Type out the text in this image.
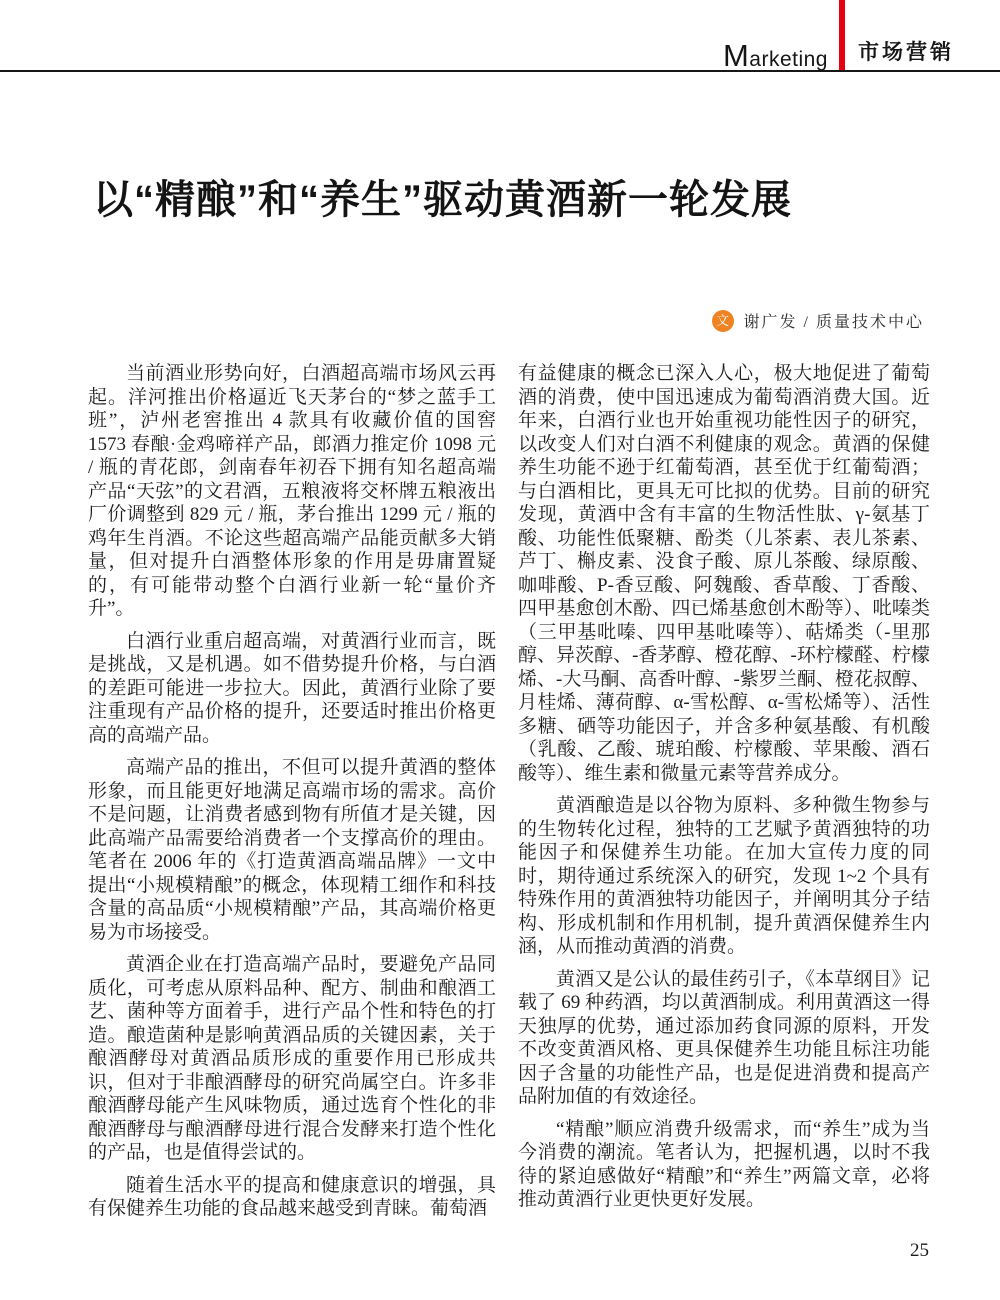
Marketing 市场营销
以“精酿”和“养生”驱动黄酒新一轮发展
文 谢广发 / 质量技术中心

当前酒业形势向好，白酒超高端市场风云再起。洋河推出价格逼近飞天茅台的“梦之蓝手工班”，泸州老窖推出 4 款具有收藏价值的国窖 1573 春酿·金鸡啼祥产品，郎酒力推定价 1098 元 / 瓶的青花郎，剑南春年初吞下拥有知名超高端产品“天弦”的文君酒，五粮液将交杯牌五粮液出厂价调整到 829 元 / 瓶，茅台推出 1299 元 / 瓶的鸡年生肖酒。不论这些超高端产品能贡献多大销量，但对提升白酒整体形象的作用是毋庸置疑的，有可能带动整个白酒行业新一轮“量价齐升”。

白酒行业重启超高端，对黄酒行业而言，既是挑战，又是机遇。如不借势提升价格，与白酒的差距可能进一步拉大。因此，黄酒行业除了要注重现有产品价格的提升，还要适时推出价格更高的高端产品。

高端产品的推出，不但可以提升黄酒的整体形象，而且能更好地满足高端市场的需求。高价不是问题，让消费者感到物有所值才是关键，因此高端产品需要给消费者一个支撑高价的理由。笔者在 2006 年的《打造黄酒高端品牌》一文中提出“小规模精酿”的概念，体现精工细作和科技含量的高品质“小规模精酿”产品，其高端价格更易为市场接受。

黄酒企业在打造高端产品时，要避免产品同质化，可考虑从原料品种、配方、制曲和酿酒工艺、菌种等方面着手，进行产品个性和特色的打造。酿造菌种是影响黄酒品质的关键因素，关于酿酒酵母对黄酒品质形成的重要作用已形成共识，但对于非酿酒酵母的研究尚属空白。许多非酿酒酵母能产生风味物质，通过选育个性化的非酿酒酵母与酿酒酵母进行混合发酵来打造个性化的产品，也是值得尝试的。

随着生活水平的提高和健康意识的增强，具有保健养生功能的食品越来越受到青睐。葡萄酒

有益健康的概念已深入人心，极大地促进了葡萄酒的消费，使中国迅速成为葡萄酒消费大国。近年来，白酒行业也开始重视功能性因子的研究，以改变人们对白酒不利健康的观念。黄酒的保健养生功能不逊于红葡萄酒，甚至优于红葡萄酒；与白酒相比，更具无可比拟的优势。目前的研究发现，黄酒中含有丰富的生物活性肽、γ-氨基丁酸、功能性低聚糖、酚类（儿茶素、表儿茶素、芦丁、槲皮素、没食子酸、原儿茶酸、绿原酸、咖啡酸、P-香豆酸、阿魏酸、香草酸、丁香酸、四甲基愈创木酚、四已烯基愈创木酚等）、吡嗪类（三甲基吡嗪、四甲基吡嗪等）、萜烯类（-里那醇、异茨醇、-香茅醇、橙花醇、-环柠檬醛、柠檬烯、-大马酮、高香叶醇、-紫罗兰酮、橙花叔醇、月桂烯、薄荷醇、α-雪松醇、α-雪松烯等）、活性多糖、硒等功能因子，并含多种氨基酸、有机酸（乳酸、乙酸、琥珀酸、柠檬酸、苹果酸、酒石酸等）、维生素和微量元素等营养成分。

黄酒酿造是以谷物为原料、多种微生物参与的生物转化过程，独特的工艺赋予黄酒独特的功能因子和保健养生功能。在加大宣传力度的同时，期待通过系统深入的研究，发现 1~2 个具有特殊作用的黄酒独特功能因子，并阐明其分子结构、形成机制和作用机制，提升黄酒保健养生内涵，从而推动黄酒的消费。

黄酒又是公认的最佳药引子，《本草纲目》记载了 69 种药酒，均以黄酒制成。利用黄酒这一得天独厚的优势，通过添加药食同源的原料，开发不改变黄酒风格、更具保健养生功能且标注功能因子含量的功能性产品，也是促进消费和提高产品附加值的有效途径。

“精酿”顺应消费升级需求，而“养生”成为当今消费的潮流。笔者认为，把握机遇，以时不我待的紧迫感做好“精酿”和“养生”两篇文章，必将推动黄酒行业更快更好发展。

25
